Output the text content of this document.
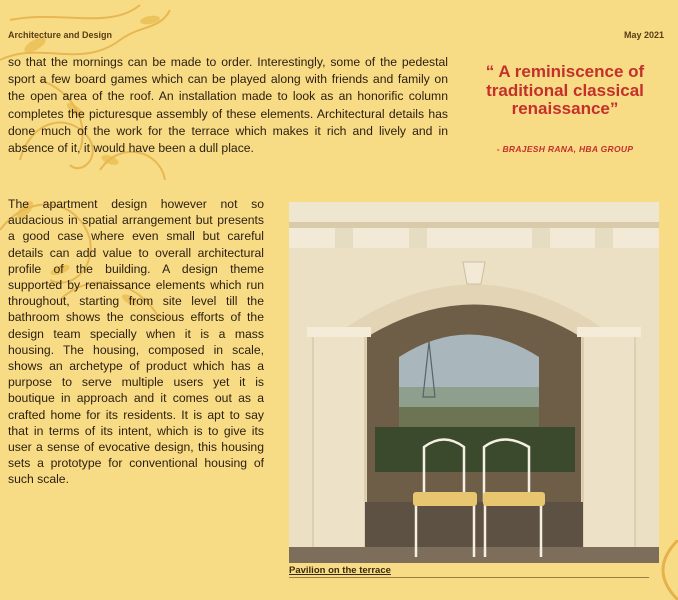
Architecture and Design	May 2021
so that the mornings can be made to order. Interestingly, some of the pedestal sport a few board games which can be played along with friends and family on the open area of the roof. An installation made to look as an honorific column completes the picturesque assembly of these elements. Architectural details has done much of the work for the terrace which makes it rich and lively and in absence of it, it would have been a dull place.
“ A reminiscence of traditional classical renaissance”
- BRAJESH RANA, HBA GROUP
The apartment design however not so audacious in spatial arrangement but presents a good case where even small but careful details can add value to overall architectural profile of the building. A design theme supported by renaissance elements which run throughout, starting from site level till the bathroom shows the conscious efforts of the design team specially when it is a mass housing. The housing, composed in scale, shows an archetype of product which has a purpose to serve multiple users yet it is boutique in approach and it comes out as a crafted home for its residents. It is apt to say that in terms of its intent, which is to give its user a sense of evocative design, this housing sets a prototype for conventional housing of such scale.
Pavilion on the terrace
